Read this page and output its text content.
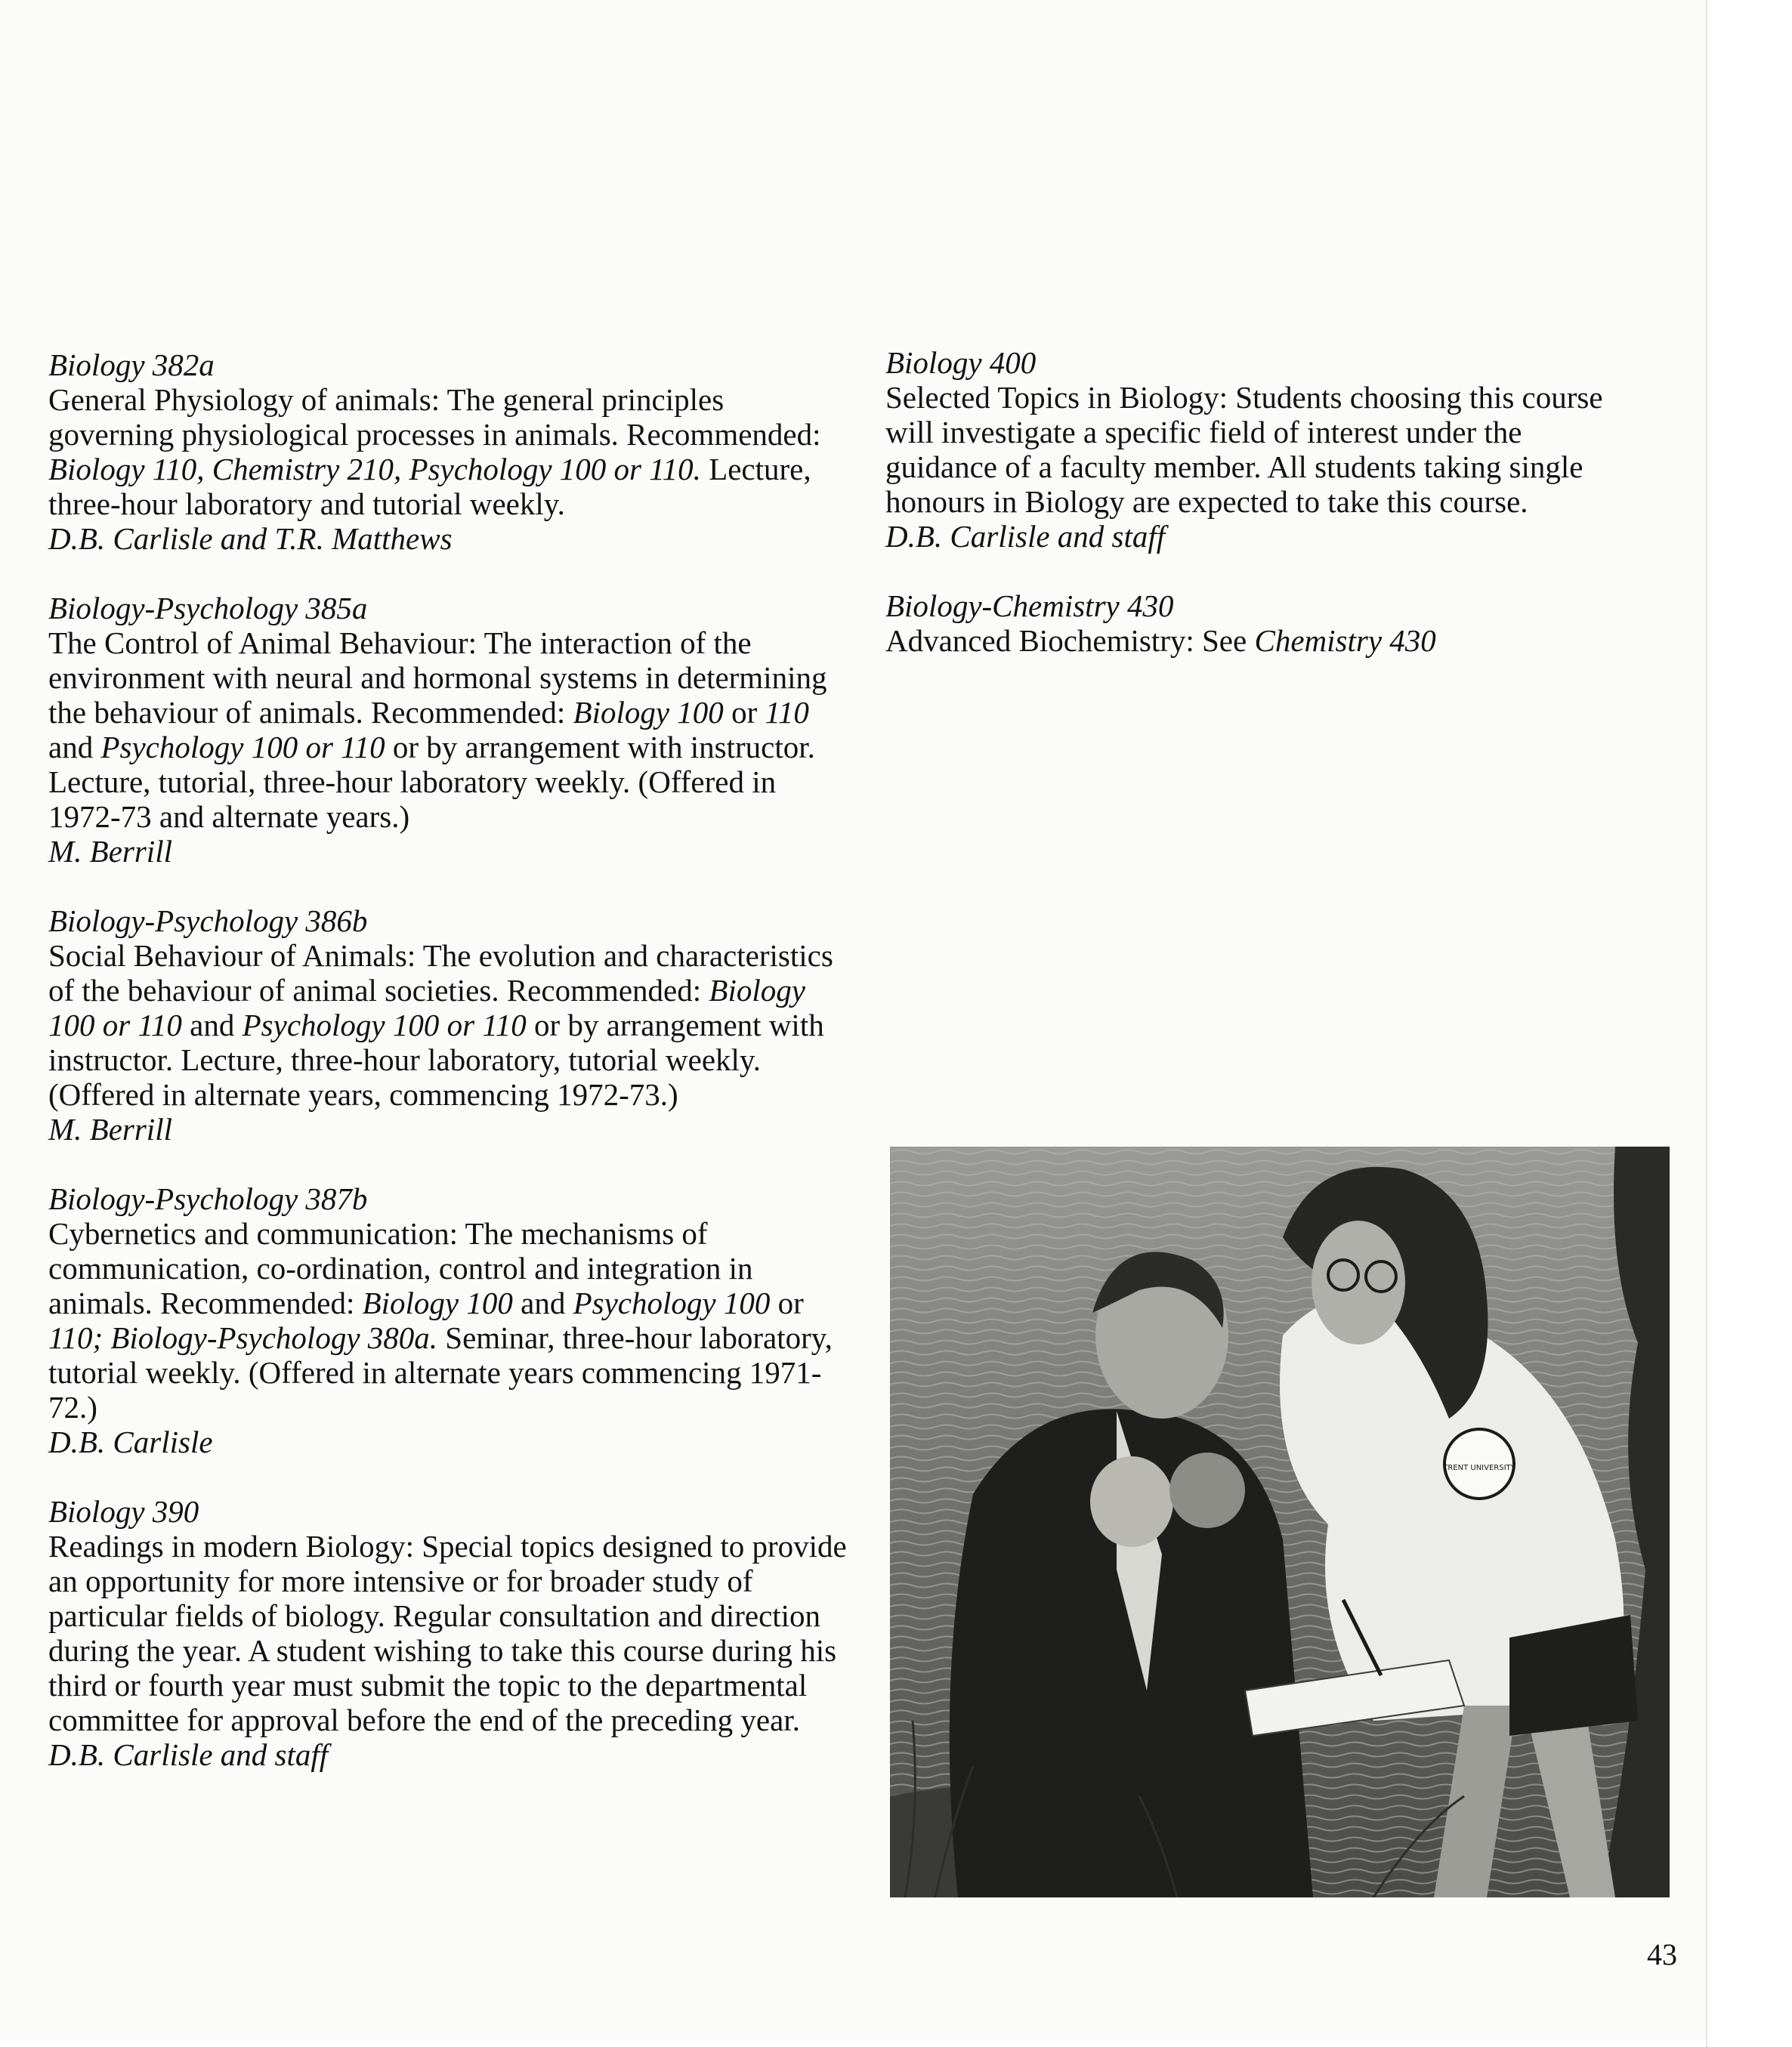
Biology 382a

General Physiology of animals: The general principles governing physiological processes in animals. Recommended: Biology 110, Chemistry 210, Psychology 100 or 110. Lecture, three-hour laboratory and tutorial weekly.

D.B. Carlisle and T.R. Matthews

Biology-Psychology 385a

The Control of Animal Behaviour: The interaction of the environment with neural and hormonal systems in determining the behaviour of animals. Recommended: Biology 100 or 110 and Psychology 100 or 110 or by arrangement with instructor. Lecture, tutorial, three-hour laboratory weekly. (Offered in 1972-73 and alternate years.)

M. Berrill

Biology-Psychology 386b

Social Behaviour of Animals: The evolution and characteristics of the behaviour of animal societies. Recommended: Biology 100 or 110 and Psychology 100 or 110 or by arrangement with instructor. Lecture, three-hour laboratory, tutorial weekly. (Offered in alternate years, commencing 1972-73.)

M. Berrill

Biology-Psychology 387b

Cybernetics and communication: The mechanisms of communication, co-ordination, control and integration in animals. Recommended: Biology 100 and Psychology 100 or 110; Biology-Psychology 380a. Seminar, three-hour laboratory, tutorial weekly. (Offered in alternate years commencing 1971-72.)

D.B. Carlisle

Biology 390

Readings in modern Biology: Special topics designed to provide an opportunity for more intensive or for broader study of particular fields of biology. Regular consultation and direction during the year. A student wishing to take this course during his third or fourth year must submit the topic to the departmental committee for approval before the end of the preceding year.

D.B. Carlisle and staff

Biology 400

Selected Topics in Biology: Students choosing this course will investigate a specific field of interest under the guidance of a faculty member. All students taking single honours in Biology are expected to take this course.

D.B. Carlisle and staff

Biology-Chemistry 430

Advanced Biochemistry: See Chemistry 430

TRENT UNIVERSITY
43
